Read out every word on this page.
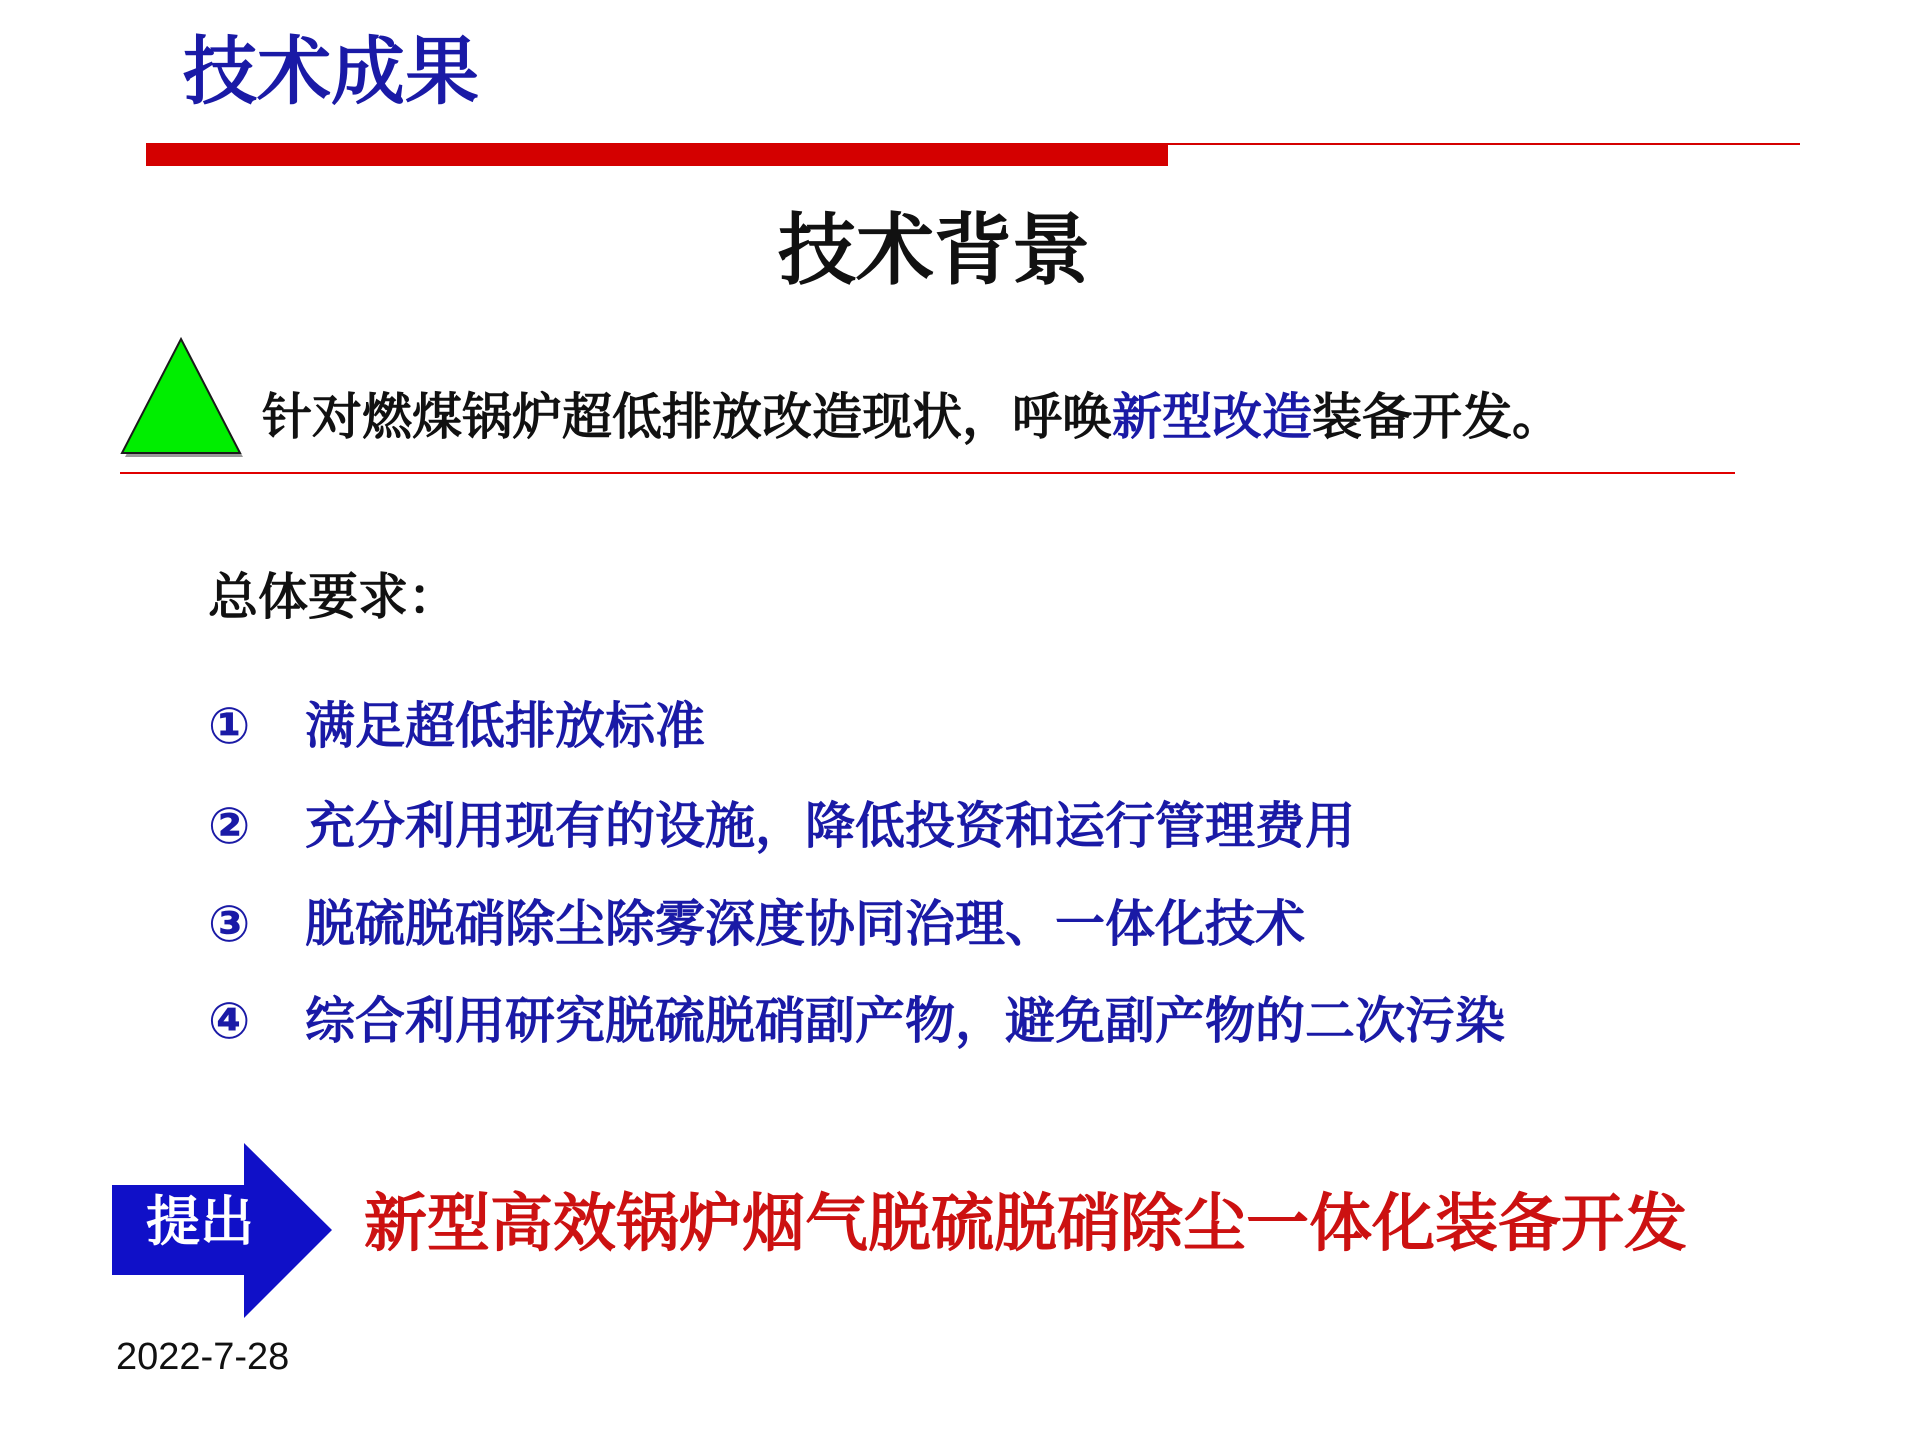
技术成果
技术背景
针对燃煤锅炉超低排放改造现状，呼唤新型改造装备开发。
总体要求：
① 满足超低排放标准
② 充分利用现有的设施，降低投资和运行管理费用
③ 脱硫脱硝除尘除雾深度协同治理、一体化技术
④ 综合利用研究脱硫脱硝副产物，避免副产物的二次污染
提出	新型高效锅炉烟气脱硫脱硝除尘一体化装备开发
2022-7-28
